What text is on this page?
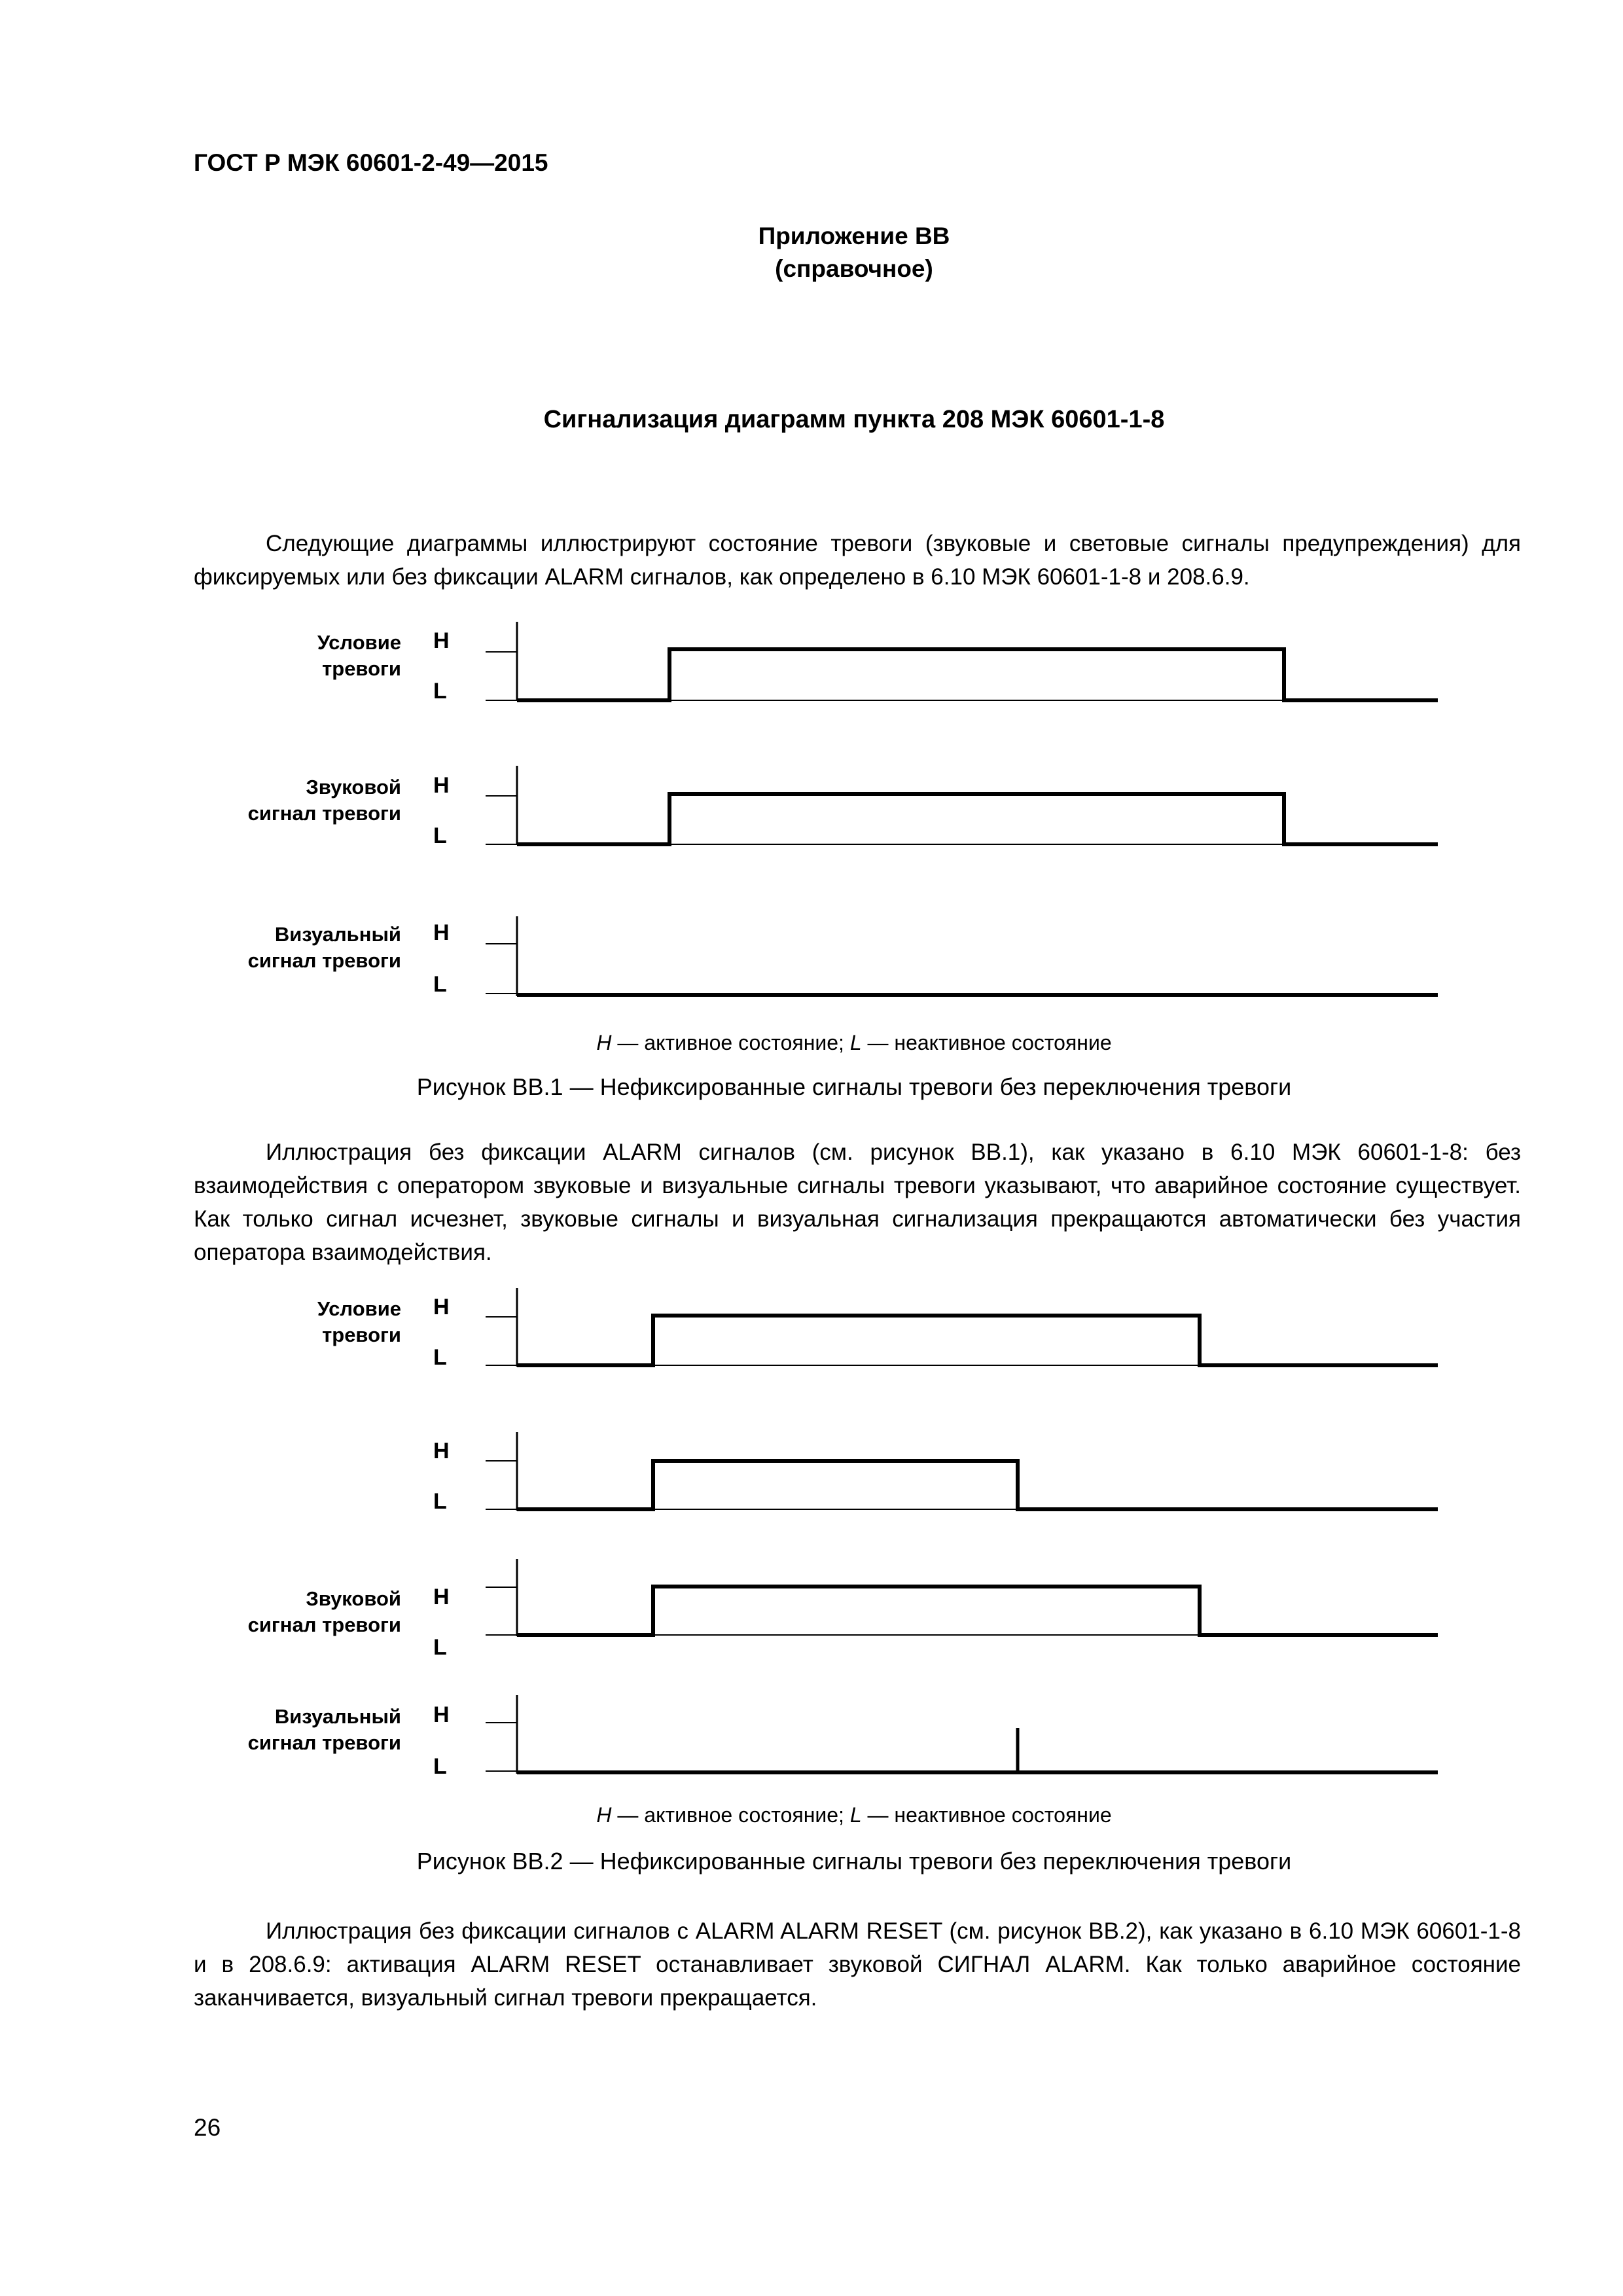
ГОСТ Р МЭК 60601-2-49—2015
Приложение ВВ
(справочное)
Сигнализация диаграмм пункта 208 МЭК 60601-1-8
Следующие диаграммы иллюстрируют состояние тревоги (звуковые и световые сигналы предупреждения) для фиксируемых или без фиксации ALARM сигналов, как определено в 6.10 МЭК 60601-1-8 и 208.6.9.
Условие
тревоги
H
L
Звуковой
сигнал тревоги
H
L
Визуальный
сигнал тревоги
H
L
H — активное состояние; L — неактивное состояние
Рисунок ВВ.1 — Нефиксированные сигналы тревоги без переключения тревоги
Иллюстрация без фиксации ALARM сигналов (см. рисунок ВВ.1), как указано в 6.10 МЭК 60601-1-8: без взаимодействия с оператором звуковые и визуальные сигналы тревоги указывают, что аварийное состояние существует. Как только сигнал исчезнет, звуковые сигналы и визуальная сигнализация прекращаются автоматически без участия оператора взаимодействия.
Условие
тревоги
H
L
H
L
Звуковой
сигнал тревоги
H
L
Визуальный
сигнал тревоги
H
L
H — активное состояние; L — неактивное состояние
Рисунок ВВ.2 — Нефиксированные сигналы тревоги без переключения тревоги
Иллюстрация без фиксации сигналов с ALARM ALARM RESET (см. рисунок ВВ.2), как указано в 6.10 МЭК 60601-1-8 и в 208.6.9: активация ALARM RESET останавливает звуковой СИГНАЛ ALARM. Как только аварийное состояние заканчивается, визуальный сигнал тревоги прекращается.
26
